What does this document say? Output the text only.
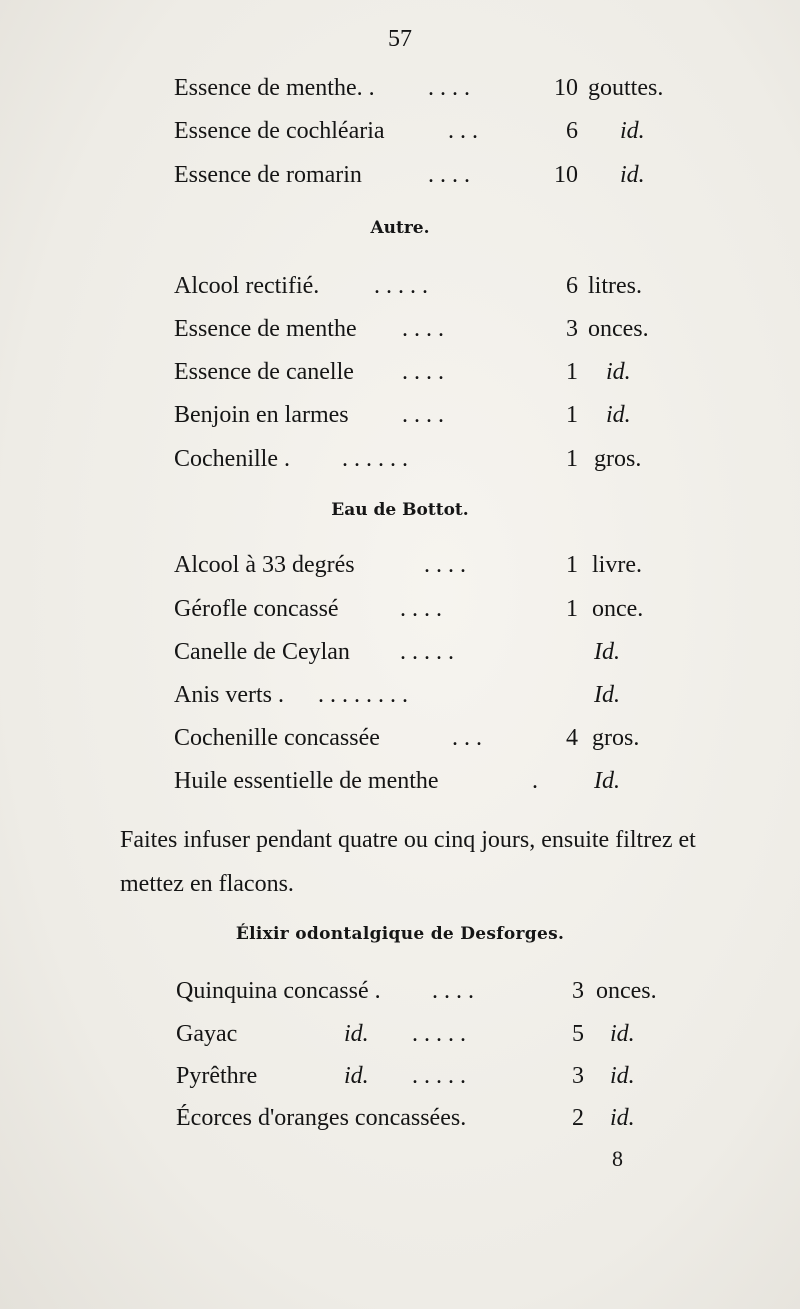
57
Essence de menthe. . . . . .	10 gouttes.
Essence de cochléaria	. . .	6 id.
Essence de romarin	. . . .	10 id.
Autre.
Alcool rectifié. . . . . .	6 litres.
Essence de menthe . . . .	3 onces.
Essence de canelle . . . .	1 id.
Benjoin en larmes . . . .	1 id.
Cochenille . . . . . . .	1 gros.
Eau de Bottot.
Alcool à 33 degrés	. . . .	1 livre.
Gérofle concassé	. . . .	1 once.
Canelle de Ceylan . . . . .	Id.
Anis verts . . . . . . . . .	Id.
Cochenille concassée	. . .	4 gros.
Huile essentielle de menthe	. Id.
Faites infuser pendant quatre ou cinq jours, ensuite filtrez et mettez en flacons.
Élixir odontalgique de Desforges.
Quinquina concassé . . . . .	3 onces.
Gayac	id. . . . . .	5 id.
Pyrêthre	id. . . . . .	3 id.
Écorces d'oranges concassées.	2 id.
8
